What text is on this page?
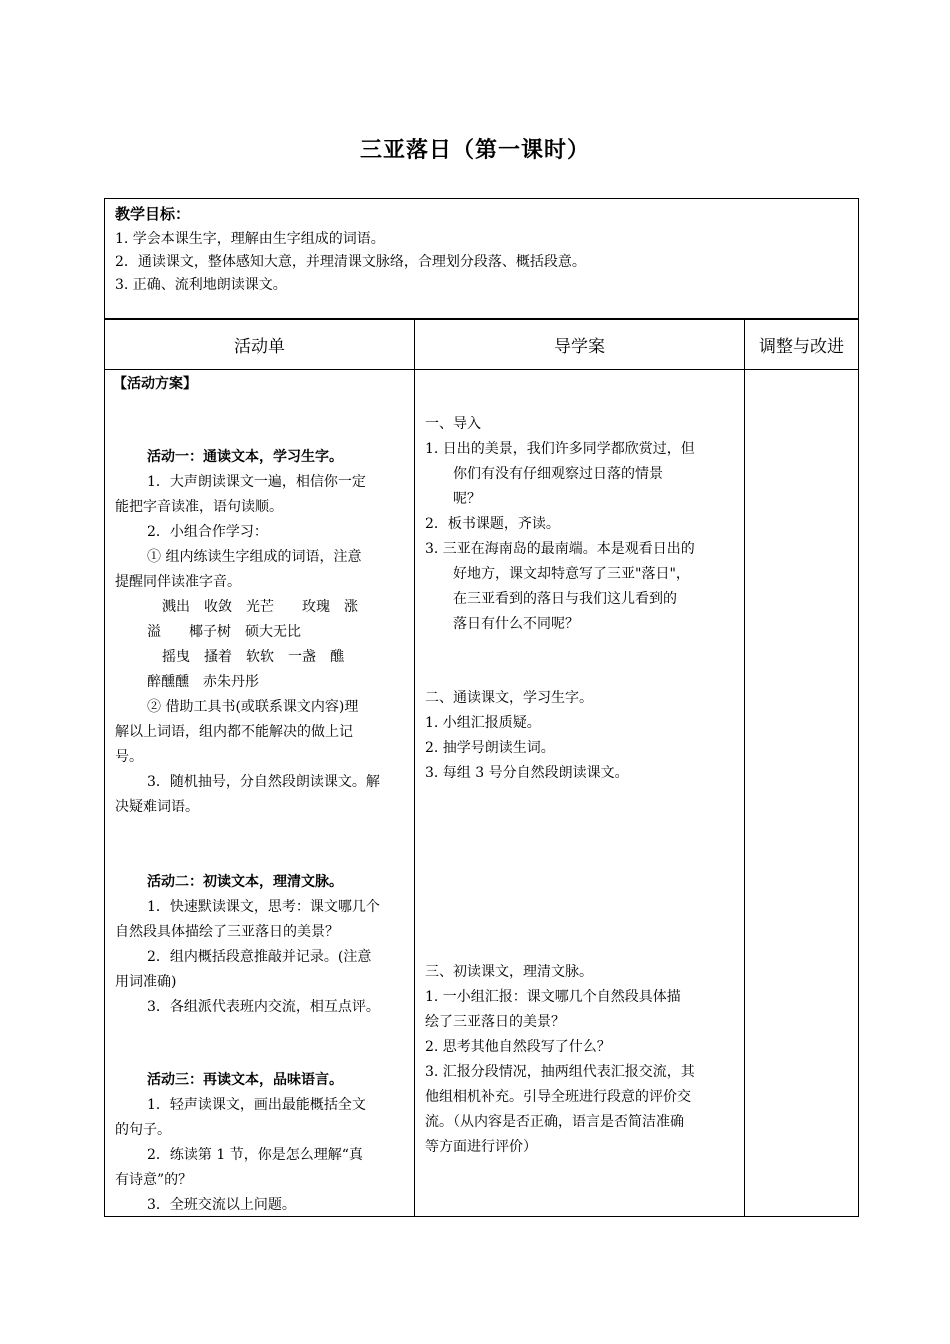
三亚落日（第一课时）
教学目标：
1. 学会本课生字，理解由生字组成的词语。
2．通读课文，整体感知大意，并理清课文脉络，合理划分段落、概括段意。
3. 正确、流利地朗读课文。
活动单	导学案	调整与改进
【活动方案】
活动一：通读文本，学习生字。
1．大声朗读课文一遍，相信你一定
能把字音读准，语句读顺。
2．小组合作学习：
① 组内练读生字组成的词语，注意
提醒同伴读准字音。
溅出　收敛　光芒　　玫瑰　涨
溢　　椰子树　硕大无比
摇曳　搔着　软软　一盏　醮
醉醺醺　赤朱丹彤
② 借助工具书(或联系课文内容)理
解以上词语，组内都不能解决的做上记
号。
3．随机抽号，分自然段朗读课文。解
决疑难词语。
活动二：初读文本，理清文脉。
1．快速默读课文，思考：课文哪几个
自然段具体描绘了三亚落日的美景？
2．组内概括段意推敲并记录。(注意
用词准确)
3．各组派代表班内交流，相互点评。
活动三：再读文本，品味语言。
1．轻声读课文，画出最能概括全文
的句子。
2．练读第 1 节，你是怎么理解“真
有诗意”的？
3．全班交流以上问题。
一、导入
1. 日出的美景，我们许多同学都欣赏过，但
你们有没有仔细观察过日落的情景
呢？
2．板书课题，齐读。
3. 三亚在海南岛的最南端。本是观看日出的
好地方，课文却特意写了三亚"落日"，
在三亚看到的落日与我们这儿看到的
落日有什么不同呢？
二、通读课文，学习生字。
1. 小组汇报质疑。
2. 抽学号朗读生词。
3. 每组 3 号分自然段朗读课文。
三、初读课文，理清文脉。
1. 一小组汇报：课文哪几个自然段具体描
绘了三亚落日的美景？
2. 思考其他自然段写了什么？
3. 汇报分段情况，抽两组代表汇报交流，其
他组相机补充。引导全班进行段意的评价交
流。（从内容是否正确，语言是否简洁准确
等方面进行评价）
